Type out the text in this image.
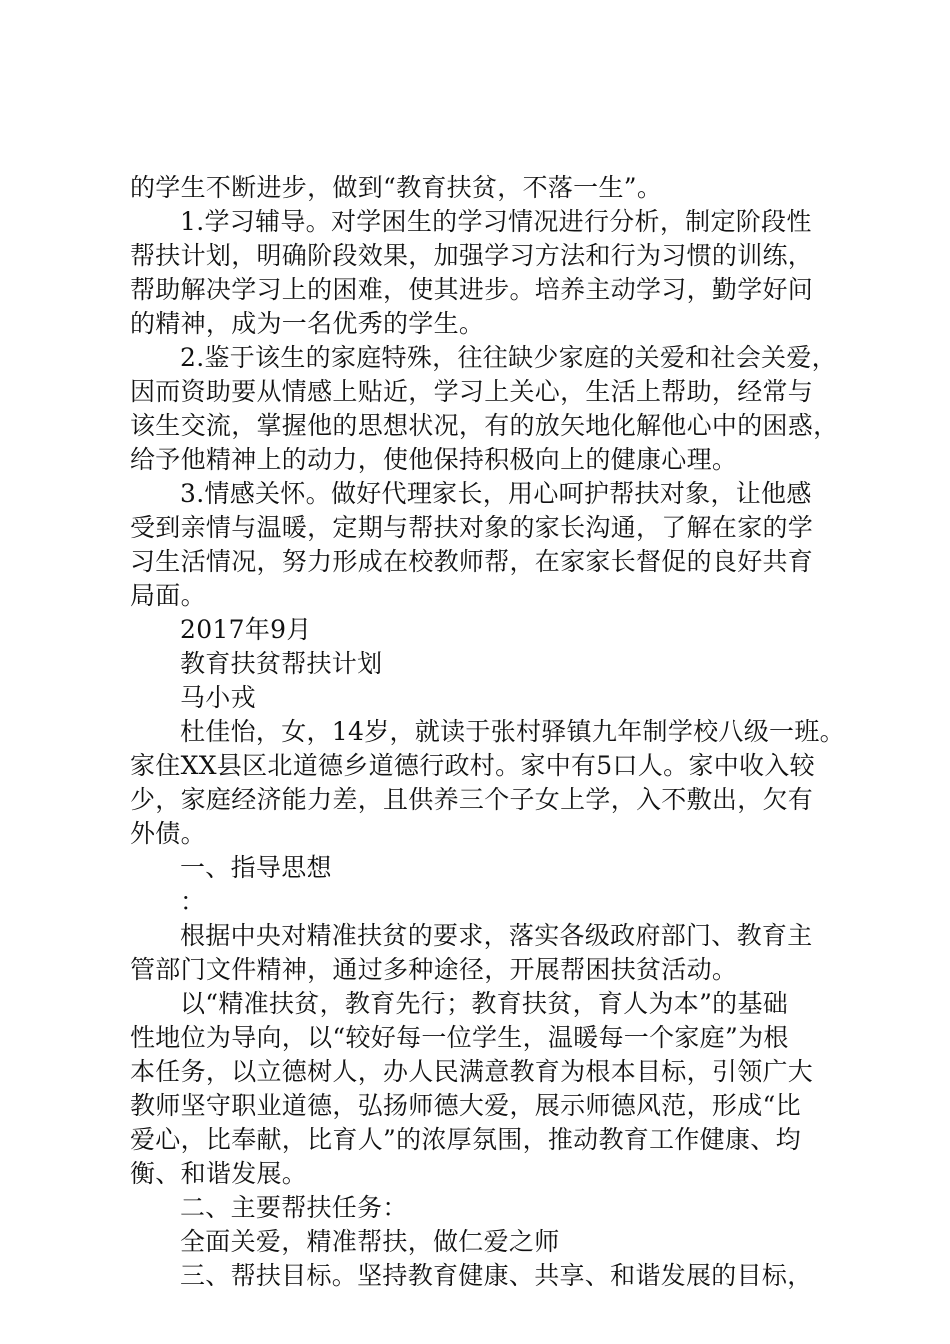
的学生不断进步，做到“教育扶贫，不落一生”。
1.学习辅导。对学困生的学习情况进行分析，制定阶段性
帮扶计划，明确阶段效果，加强学习方法和行为习惯的训练，
帮助解决学习上的困难，使其进步。培养主动学习，勤学好问
的精神，成为一名优秀的学生。
2.鉴于该生的家庭特殊，往往缺少家庭的关爱和社会关爱，
因而资助要从情感上贴近，学习上关心，生活上帮助，经常与
该生交流，掌握他的思想状况，有的放矢地化解他心中的困惑，
给予他精神上的动力，使他保持积极向上的健康心理。
3.情感关怀。做好代理家长，用心呵护帮扶对象，让他感
受到亲情与温暖，定期与帮扶对象的家长沟通，了解在家的学
习生活情况，努力形成在校教师帮，在家家长督促的良好共育
局面。
2017年9月
教育扶贫帮扶计划
马小戎
杜佳怡，女，14岁，就读于张村驿镇九年制学校八级一班。
家住XX县区北道德乡道德行政村。家中有5口人。家中收入较
少，家庭经济能力差，且供养三个子女上学，入不敷出，欠有
外债。
一、指导思想
：
根据中央对精准扶贫的要求，落实各级政府部门、教育主
管部门文件精神，通过多种途径，开展帮困扶贫活动。
以“精准扶贫，教育先行；教育扶贫，育人为本”的基础
性地位为导向，以“较好每一位学生，温暖每一个家庭”为根
本任务，以立德树人，办人民满意教育为根本目标，引领广大
教师坚守职业道德，弘扬师德大爱，展示师德风范，形成“比
爱心，比奉献，比育人”的浓厚氛围，推动教育工作健康、均
衡、和谐发展。
二、主要帮扶任务：
全面关爱，精准帮扶，做仁爱之师
三、帮扶目标。坚持教育健康、共享、和谐发展的目标，
